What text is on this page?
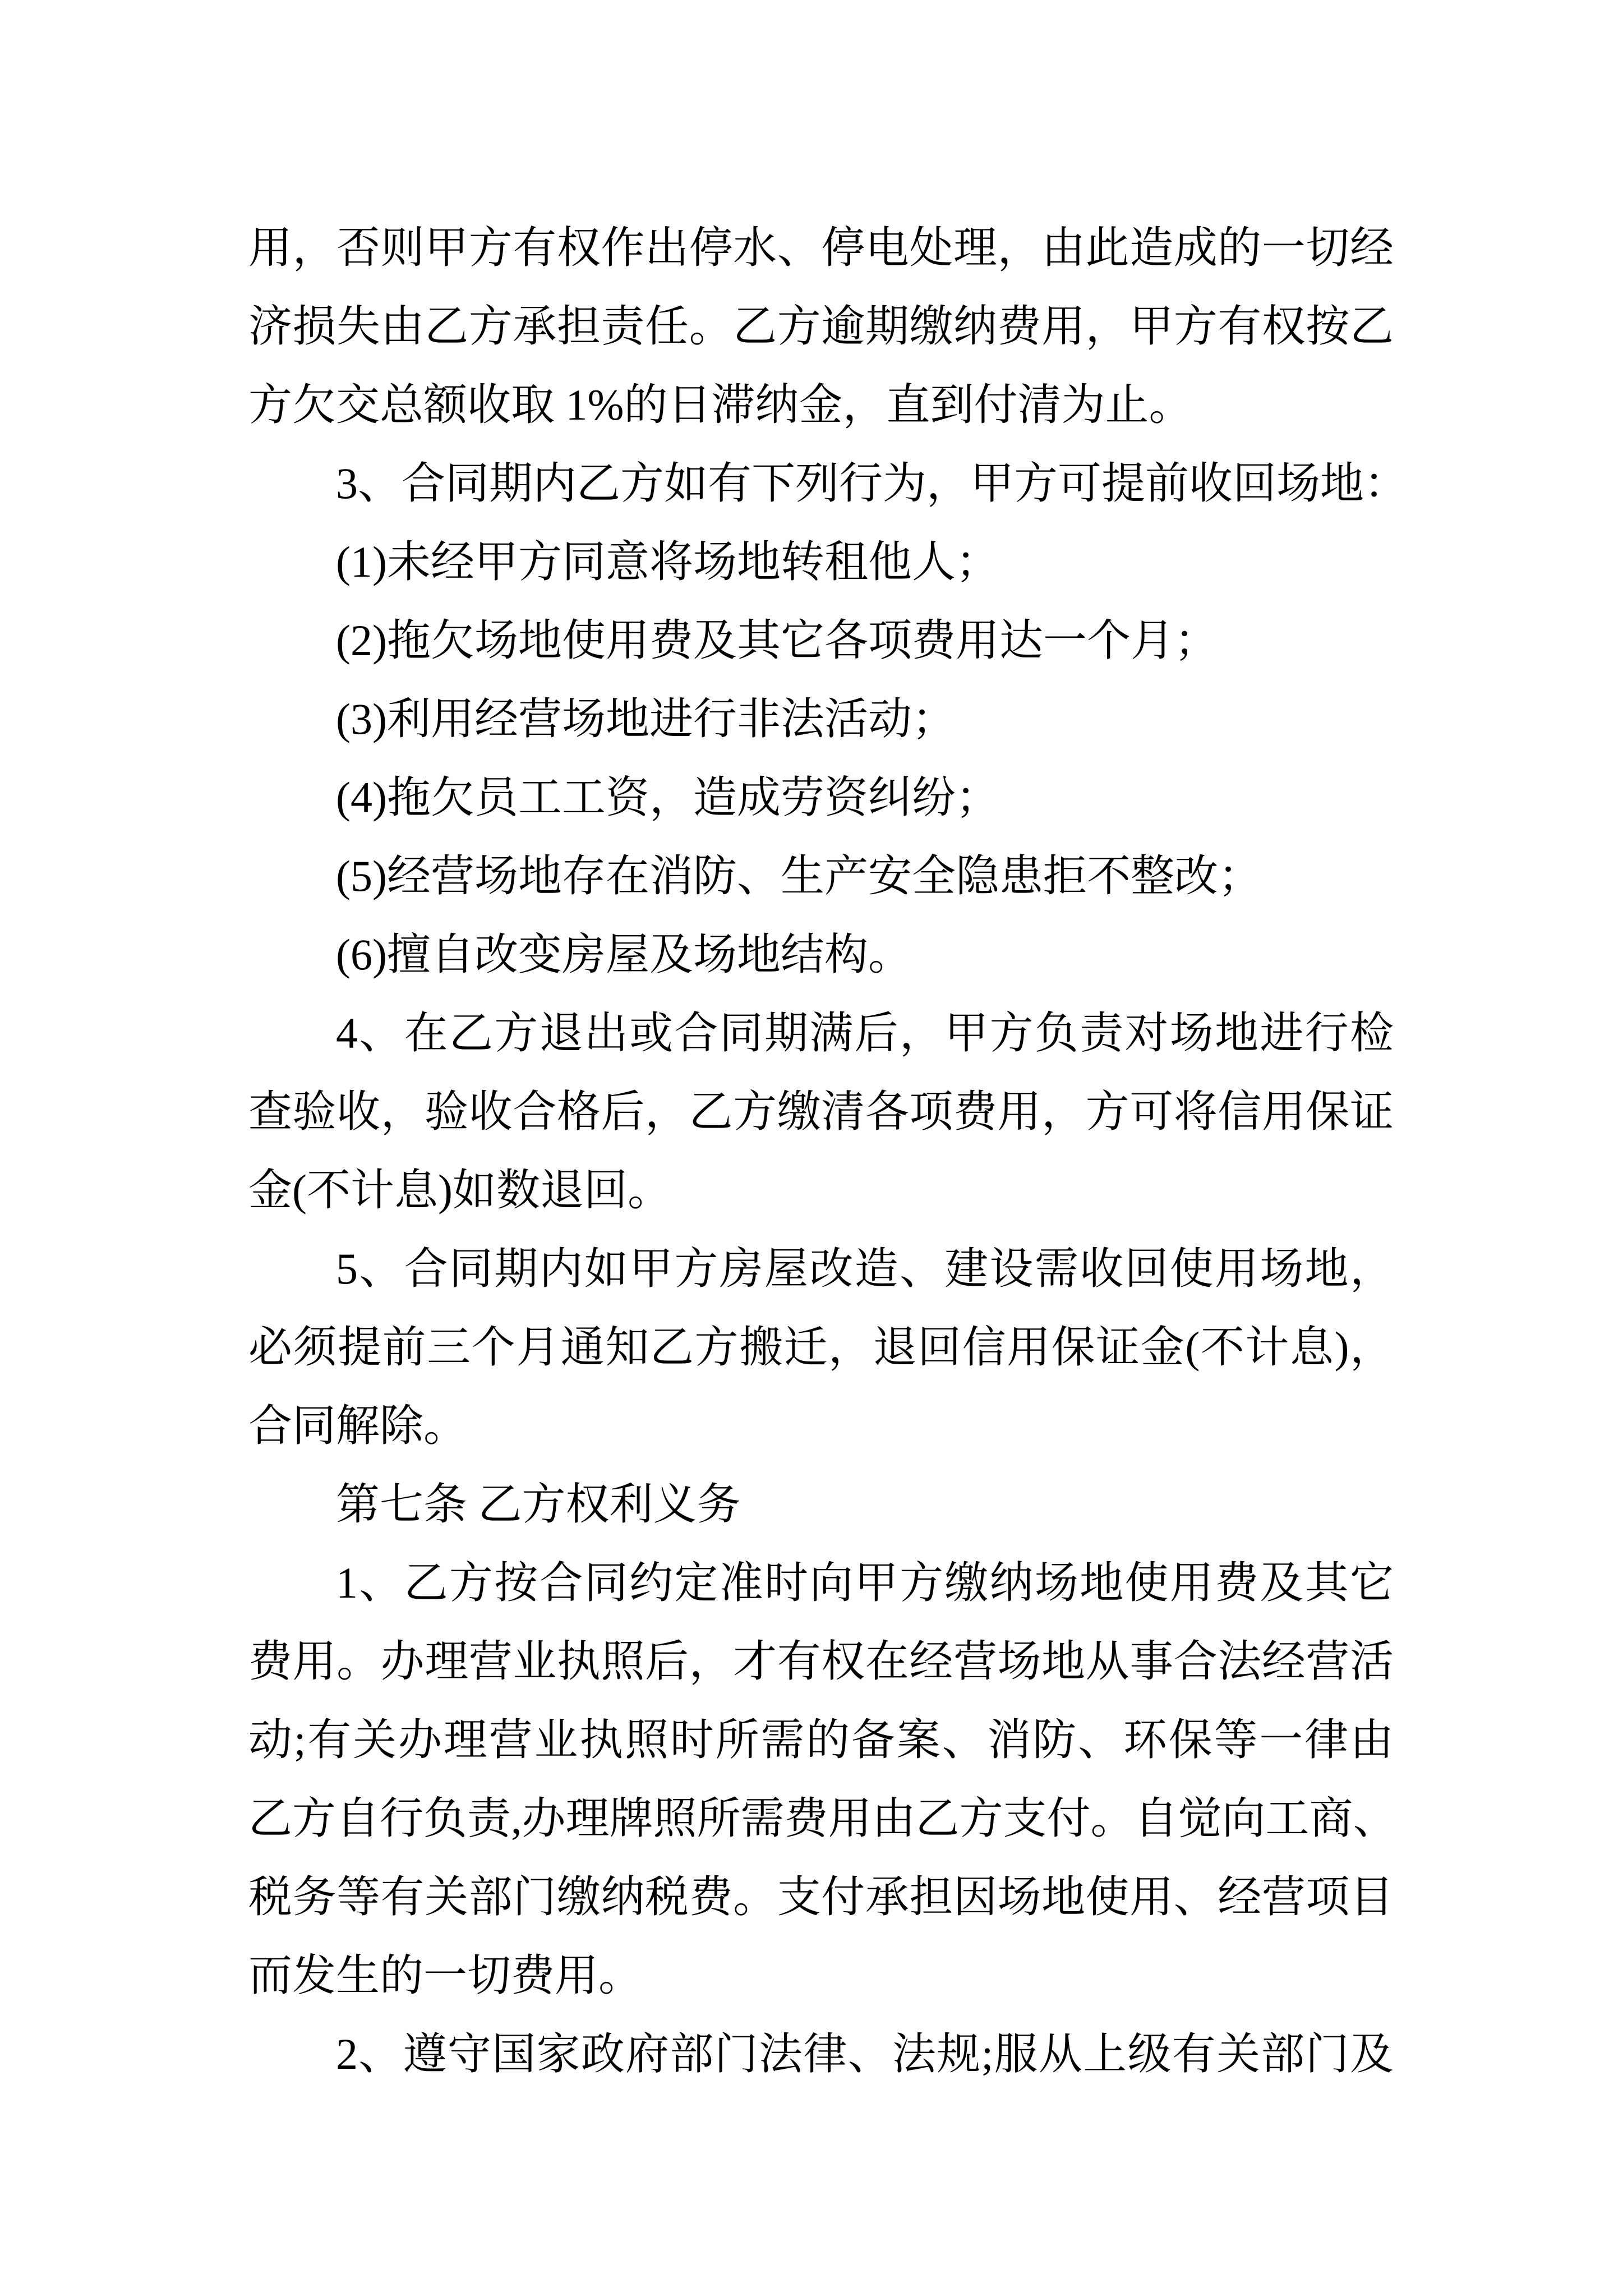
用，否则甲方有权作出停水、停电处理，由此造成的一切经
济损失由乙方承担责任。乙方逾期缴纳费用，甲方有权按乙
方欠交总额收取 1%的日滞纳金，直到付清为止。
3、合同期内乙方如有下列行为，甲方可提前收回场地：
(1)未经甲方同意将场地转租他人；
(2)拖欠场地使用费及其它各项费用达一个月；
(3)利用经营场地进行非法活动；
(4)拖欠员工工资，造成劳资纠纷；
(5)经营场地存在消防、生产安全隐患拒不整改；
(6)擅自改变房屋及场地结构。
4、在乙方退出或合同期满后，甲方负责对场地进行检
查验收，验收合格后，乙方缴清各项费用，方可将信用保证
金(不计息)如数退回。
5、合同期内如甲方房屋改造、建设需收回使用场地，
必须提前三个月通知乙方搬迁，退回信用保证金(不计息)，
合同解除。
第七条 乙方权利义务
1、乙方按合同约定准时向甲方缴纳场地使用费及其它
费用。办理营业执照后，才有权在经营场地从事合法经营活
动;有关办理营业执照时所需的备案、消防、环保等一律由
乙方自行负责,办理牌照所需费用由乙方支付。自觉向工商、
税务等有关部门缴纳税费。支付承担因场地使用、经营项目
而发生的一切费用。
2、遵守国家政府部门法律、法规;服从上级有关部门及
